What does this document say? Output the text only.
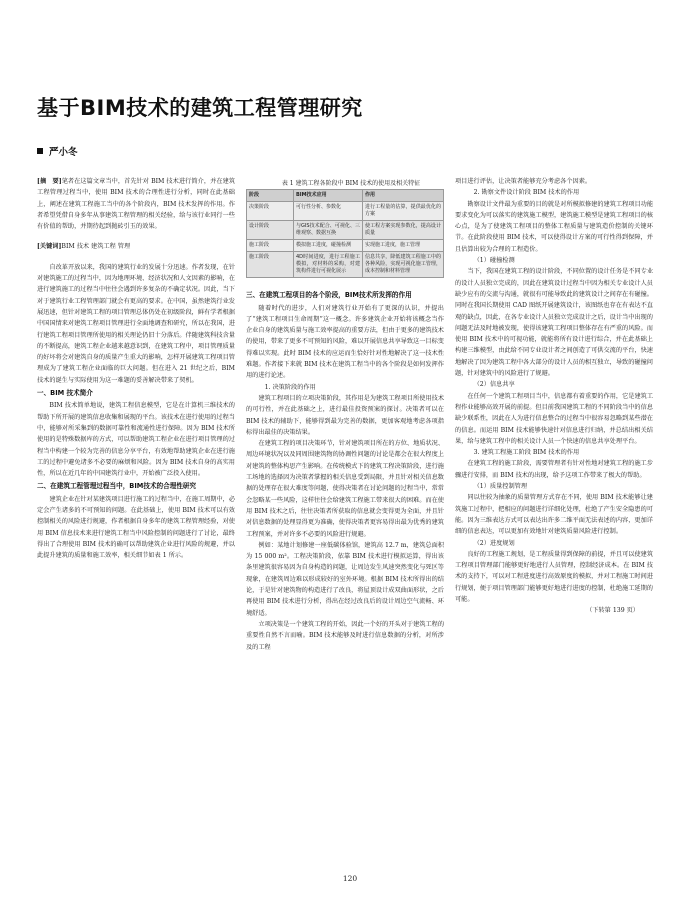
基于BIM技术的建筑工程管理研究
严小冬

[摘　要]笔者在这篇文章当中，首先针对 BIM 技术进行简介，并在建筑工程管理过程当中，使用 BIM 技术的合理性进行分析，同时在此基础上，阐述在建筑工程施工当中的各个阶段内，BIM 技术发挥的作用。作者希望凭借自身多年从事建筑工程管理的相关经验，给与该行业同行一些有价值的帮助，并期待起到抛砖引玉的效果。

[关键词]BIM 技术 建筑工程 管理

自改革开放以来，我国的建筑行业的发展十分迅速。作者发现，在针对建筑施工的过程当中，因为地理环境、经济状况和人文因素的影响，在进行建筑施工的过程当中往往会遇到许多复杂的不确定状况。因此，当下对于建筑行业工程管理部门就会有更高的要求。在中国，虽然建筑行业发展迅速，但针对建筑工程的项目管理总体仍处在初级阶段，鲜有学者根据中国国情来对建筑工程项目管理进行全面地调查和研究，所以在我国，进行建筑工程项目管理所使用的相关理论仍旧十分落后。伴随建筑科技含量的不断提高，建筑工程企业越来越意识到，在建筑工程中，项目管理质量的好坏将会对建筑自身的质量产生重大的影响，怎样开展建筑工程项目管理成为了建筑工程企业面临的巨大问题。但在进入 21 世纪之后，BIM 技术的诞生与实际使用为这一难题的妥善解决带来了契机。

一、BIM 技术简介

BIM 技术简单地说，建筑工程信息模型，它是在计算机三维技术的帮助下所开展的建筑信息收集和展现的平台。该技术在进行使用的过程当中，能够对所采集到的数据可靠性和流通性进行保障。因为 BIM 技术所使用的是特殊数据库的方式，可以帮助建筑工程企业在进行项目管理的过程当中构建一个较为完善的信息分享平台，有效地帮助建筑企业在进行施工的过程中避免诸多不必要的麻烦和风险。因为 BIM 技术自身的高实用性，所以在近几年的中国建筑行业中，开始被广泛投入使用。

二、在建筑工程管理过程当中，BIM技术的合理性研究

建筑企业在针对某建筑项目进行施工的过程当中，在施工周期中，必定会产生诸多的不可预知的问题。在此基础上，使用 BIM 技术可以有效控制相关的风险进行规避，作者根据自身多年的建筑工程管理经验，对使用 BIM 信息技术来进行建筑工程当中风险控制的问题进行了讨论，最终得出了合理使用 BIM 技术的确可以帮助建筑企业进行风险的规避，并以此提升建筑的质量和施工效率，相关细节如表 1 所示。

表 1 建筑工程各阶段中 BIM 技术的使用及相关特征

阶段	BIM技术应用	作用
决策阶段	可行性分析、参数化	进行工程量的估算，提供最优化的方案
设计阶段	与GIS技术配合、可视化、三维观察、数据互换	使工程方案实现参数化，提高设计质量
施工阶段	模拟施工进度，碰撞检测	实现施工进度，施工管理
施工阶段	4D时间进度，进行工程施工模拟，对材料的采购，对建筑构件进行可视化展示	信息共享，降低建筑工程施工中的各种风险，实现可视化施工管理，成本控制和材料管理

三、在建筑工程项目的各个阶段，BIM技术所发挥的作用

随着时代的进步，人们对建筑行业开始有了更深的认识，并提出了“建筑工程项目生命周期”这一概念。许多建筑企业开始将该概念当作企业自身的建筑质量与施工效率提高的重要方法，但由于更多的建筑技术的使用，带来了更多不可预知的风险，难以开展信息共享导致这一目标变得难以实现。此时 BIM 技术的应运而生恰好针对性地解决了这一技术性难题。作者接下来就 BIM 技术在建筑工程当中的各个阶段是如何发挥作用的进行论述。

1. 决策阶段的作用

建筑工程项目的立项决策阶段，其作用是为建筑工程项目所使用技术的可行性，并在此基础之上，进行最佳投资预案的探讨。决策者可以在 BIM 技术的辅助下，能够得到最为完善的数据，更加客观地考虑各项指标得出最佳的决策结果。

在建筑工程的项目决策环节，针对建筑项目所在的方位、地质状况、周边环境状况以及同周围建筑物的协调性问题的讨论是都会在很大程度上对建筑的整体构思产生影响。在传统模式下的建筑工程决策阶段，进行施工场地的选择因为决策者掌握的相关信息受到局限，并且针对相关信息数据的处理存在很大难度等问题，使得决策者在讨论问题的过程当中，常常会忽略某一些风险，这样往往会给建筑工程施工带来很大的困难。而在使用 BIM 技术之后，往往决策者所获取的信息就会变得更为全面，并且针对信息数据的处理显得更为准确，使得决策者更容易得出最为优秀的建筑工程预案，并对许多不必要的风险进行规避。

例如：某地计划修建一座低碳体验馆，建筑高 12.7 m，建筑总面积为 15 000 m²。工程决策阶段，依靠 BIM 技术进行模拟运算，得出该条里建筑很容易因为自身构造的问题，让周边发生风速突然变化与死区等现象，在建筑周边难以形成较好的室外环境。根据 BIM 技术所得出的结论，于是针对建筑物的构造进行了改良，将屋顶设计成双曲面形状，之后再使用 BIM 技术进行分析，得出在经过改良后的设计周边空气流畅、环境舒适。

立项决策是一个建筑工程的开始，因此一个好的开头对于建筑工程的重要性自然不言而喻。BIM 技术能够及时进行信息数据的分析，对所涉及的工程

项目进行评估，让决策者能够充分考虑各个因素。

2. 勘察文件设计阶段 BIM 技术的作用

勘察设计文件最为重要的目的就是对所模拟修建的建筑工程项目功能要求变化为可以落实的建筑施工模型，建筑施工模型是建筑工程项目的核心点，是为了使建筑工程项目的整体工程质量与建筑造价控制的关键环节。在此阶段使用 BIM 技术，可以使得设计方案的可行性得到保障，并且估算出较为合理的工程造价。

（1）碰撞检测

当下，我国在建筑工程的设计阶段，不同位置的设计任务是不同专业的设计人员独立完成的，因此在建筑设计过程当中因为相关专业设计人员缺少应有的交流与沟通，就很有可能导致此的建筑设计之间存在有碰撞。同时在我国长期使用 CAD 图纸开展建筑设计，该图纸也存在有表达不直观的缺点，因此，在各专业设计人员独立完成设计之后，设计当中出现的问题无法及时地被发现，使得该建筑工程项目整体存在有严重的风险。而使用 BIM 技术中的可视功能，就能将所有设计进行综合，并在此基础上构建三维模型，由此给不同专业设计者之间创造了可供交流的平台，快速地解决了因为建筑工程中各大部分的设计人员的相互独立，导致的碰撞问题，针对建筑中的风险进行了规避。

（2）信息共享

在任何一个建筑工程项目当中，信息都有着重要的作用，它是建筑工程作业能够高效开展的前提。但目前我国建筑工程的不同阶段当中的信息缺少联系性，因此在人为进行信息整合的过程当中很容易忽略到某些潜在的信息。而运用 BIM 技术能够快速针对信息进行归纳，并总结出相关结果，给与建筑工程中的相关设计人员一个快速的信息共享处理平台。

3. 建筑工程施工阶段 BIM 技术的作用

在建筑工程的施工阶段，需要管理者有针对性地对建筑工程的施工步骤进行安排，而 BIM 技术的出现，给予这项工作带来了极大的帮助。

（1）质量控制管理

同以往较为抽象的质量管理方式存在不同，使用 BIM 技术能够让建筑施工过程中，把相应的问题进行详细化处理，杜绝了产生安全隐患的可能。因为三维表达方式可以表达出许多二维平面无法表述的内容，更加详细的信息表达，可以更加有效地针对建筑质量风险进行控制。

（2）进度规划

良好的工程施工规划，是工程质量得到保障的前提，并且可以使建筑工程项目管理部门能够更好地进行人员管理，控制经济成本。在 BIM 技术的支持下，可以对工程进度进行高效原度的模拟，并对工程施工时间进行规划，便于项目管理部门能够更好地进行进度的控制，杜绝施工延期的可能。

（下转第 139 页）

120
